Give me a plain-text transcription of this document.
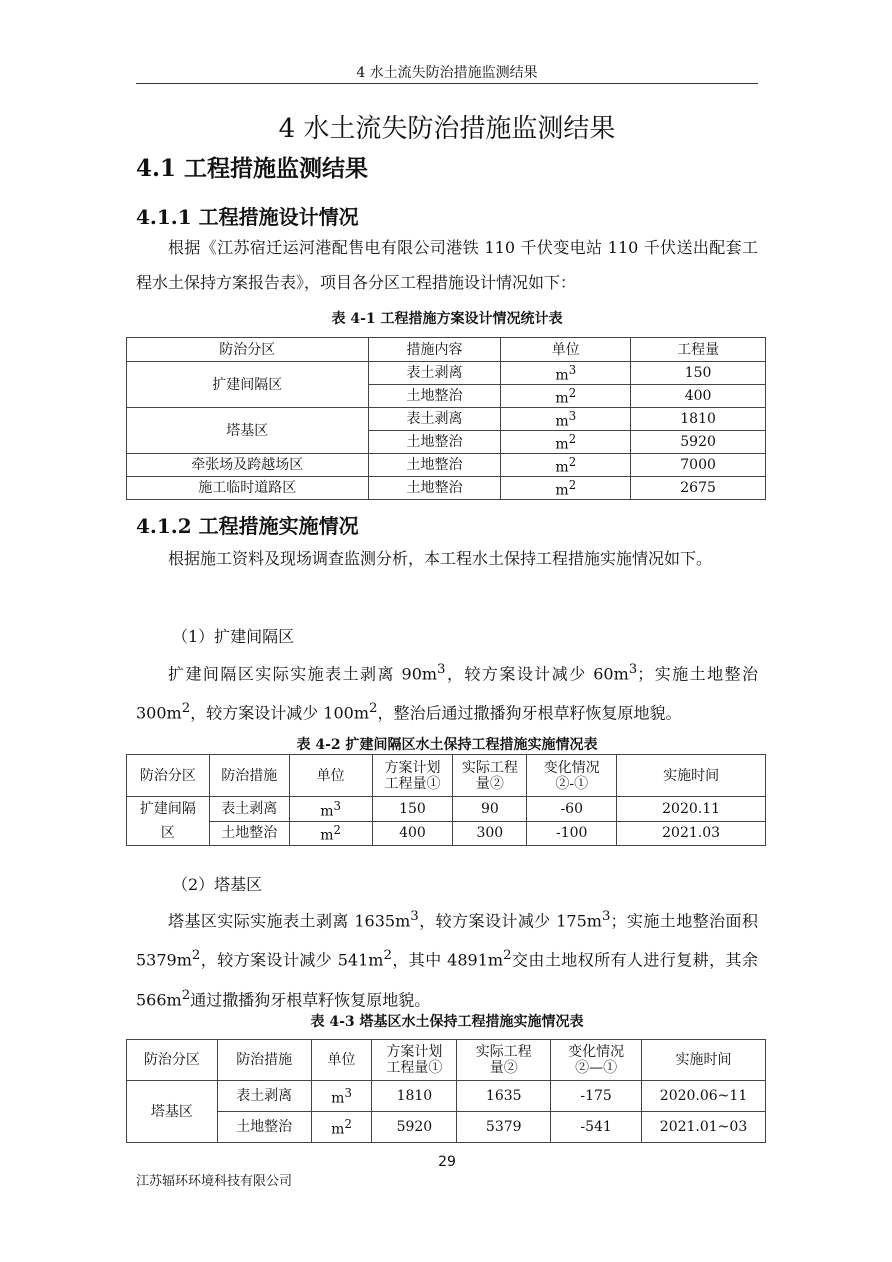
4 水土流失防治措施监测结果
4 水土流失防治措施监测结果
4.1 工程措施监测结果
4.1.1 工程措施设计情况

根据《江苏宿迁运河港配售电有限公司港铁 110 千伏变电站 110 千伏送出配套工程水土保持方案报告表》，项目各分区工程措施设计情况如下：

表 4-1 工程措施方案设计情况统计表
防治分区	措施内容	单位	工程量
扩建间隔区	表土剥离	$m^3$	150
	土地整治	$m^2$	400
塔基区	表土剥离	$m^3$	1810
	土地整治	$m^2$	5920
牵张场及跨越场区	土地整治	$m^2$	7000
施工临时道路区	土地整治	$m^2$	2675
4.1.2 工程措施实施情况

根据施工资料及现场调查监测分析，本工程水土保持工程措施实施情况如下。

（1）扩建间隔区

扩建间隔区实际实施表土剥离 $90m^3$，较方案设计减少 $60m^3$；实施土地整治 $300m^2$，较方案设计减少 $100m^2$，整治后通过撒播狗牙根草籽恢复原地貌。

表 4-2 扩建间隔区水土保持工程措施实施情况表
防治分区	防治措施	单位	方案计划工程量①	实际工程量②	变化情况②-①	实施时间
扩建间隔区	表土剥离	$m^3$	150	90	-60	2020.11
	土地整治	$m^2$	400	300	-100	2021.03
（2）塔基区

塔基区实际实施表土剥离 $1635m^3$，较方案设计减少 $175m^3$；实施土地整治面积 $5379m^2$，较方案设计减少 $541m^2$，其中 $4891m^2$交由土地权所有人进行复耕，其余 $566m^2$通过撒播狗牙根草籽恢复原地貌。

表 4-3 塔基区水土保持工程措施实施情况表
防治分区	防治措施	单位	方案计划工程量①	实际工程量②	变化情况②—①	实施时间
塔基区	表土剥离	$m^3$	1810	1635	-175	2020.06~11
	土地整治	$m^2$	5920	5379	-541	2021.01~03
29
江苏辐环环境科技有限公司
